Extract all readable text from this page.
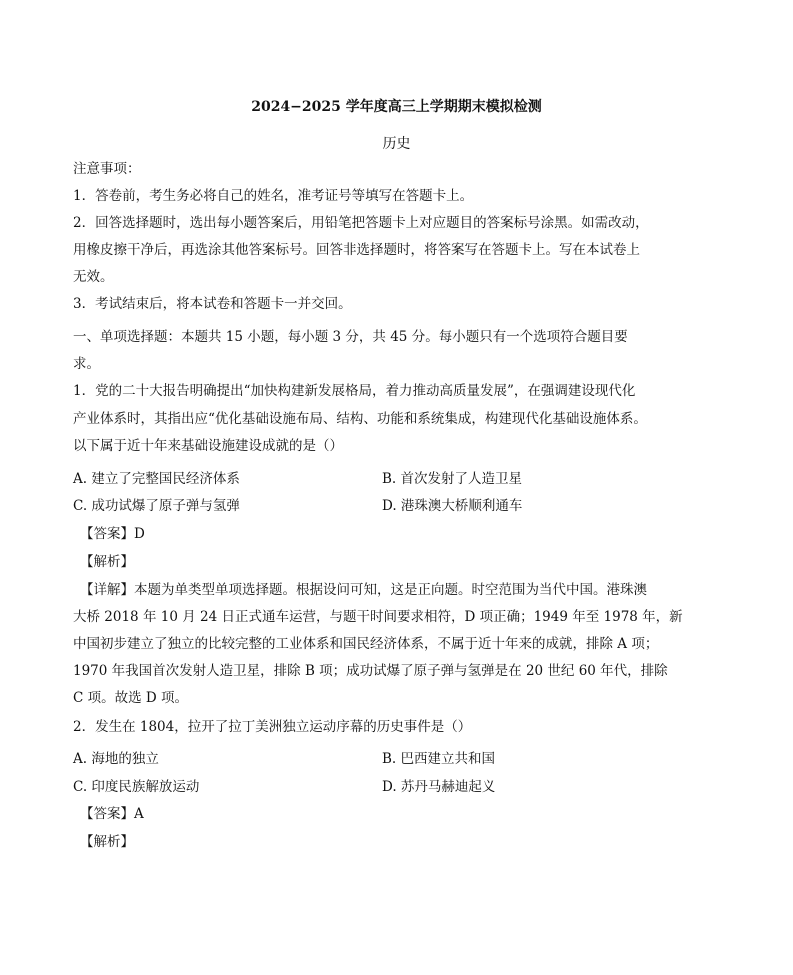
2024−2025 学年度高三上学期期末模拟检测
历史
注意事项：
1．答卷前，考生务必将自己的姓名，准考证号等填写在答题卡上。
2．回答选择题时，选出每小题答案后，用铅笔把答题卡上对应题目的答案标号涂黑。如需改动，
用橡皮擦干净后，再选涂其他答案标号。回答非选择题时，将答案写在答题卡上。写在本试卷上
无效。
3．考试结束后，将本试卷和答题卡一并交回。
一、单项选择题：本题共 15 小题，每小题 3 分，共 45 分。每小题只有一个选项符合题目要
求。
1．党的二十大报告明确提出“加快构建新发展格局，着力推动高质量发展”，在强调建设现代化
产业体系时，其指出应“优化基础设施布局、结构、功能和系统集成，构建现代化基础设施体系。
以下属于近十年来基础设施建设成就的是（）
A. 建立了完整国民经济体系	B. 首次发射了人造卫星
C. 成功试爆了原子弹与氢弹	D. 港珠澳大桥顺利通车
【答案】D
【解析】
【详解】本题为单类型单项选择题。根据设问可知，这是正向题。时空范围为当代中国。港珠澳
大桥 2018 年 10 月 24 日正式通车运营，与题干时间要求相符，D 项正确；1949 年至 1978 年，新
中国初步建立了独立的比较完整的工业体系和国民经济体系，不属于近十年来的成就，排除 A 项；
1970 年我国首次发射人造卫星，排除 B 项；成功试爆了原子弹与氢弹是在 20 世纪 60 年代，排除
C 项。故选 D 项。
2．发生在 1804，拉开了拉丁美洲独立运动序幕的历史事件是（）
A. 海地的独立	B. 巴西建立共和国
C. 印度民族解放运动	D. 苏丹马赫迪起义
【答案】A
【解析】
